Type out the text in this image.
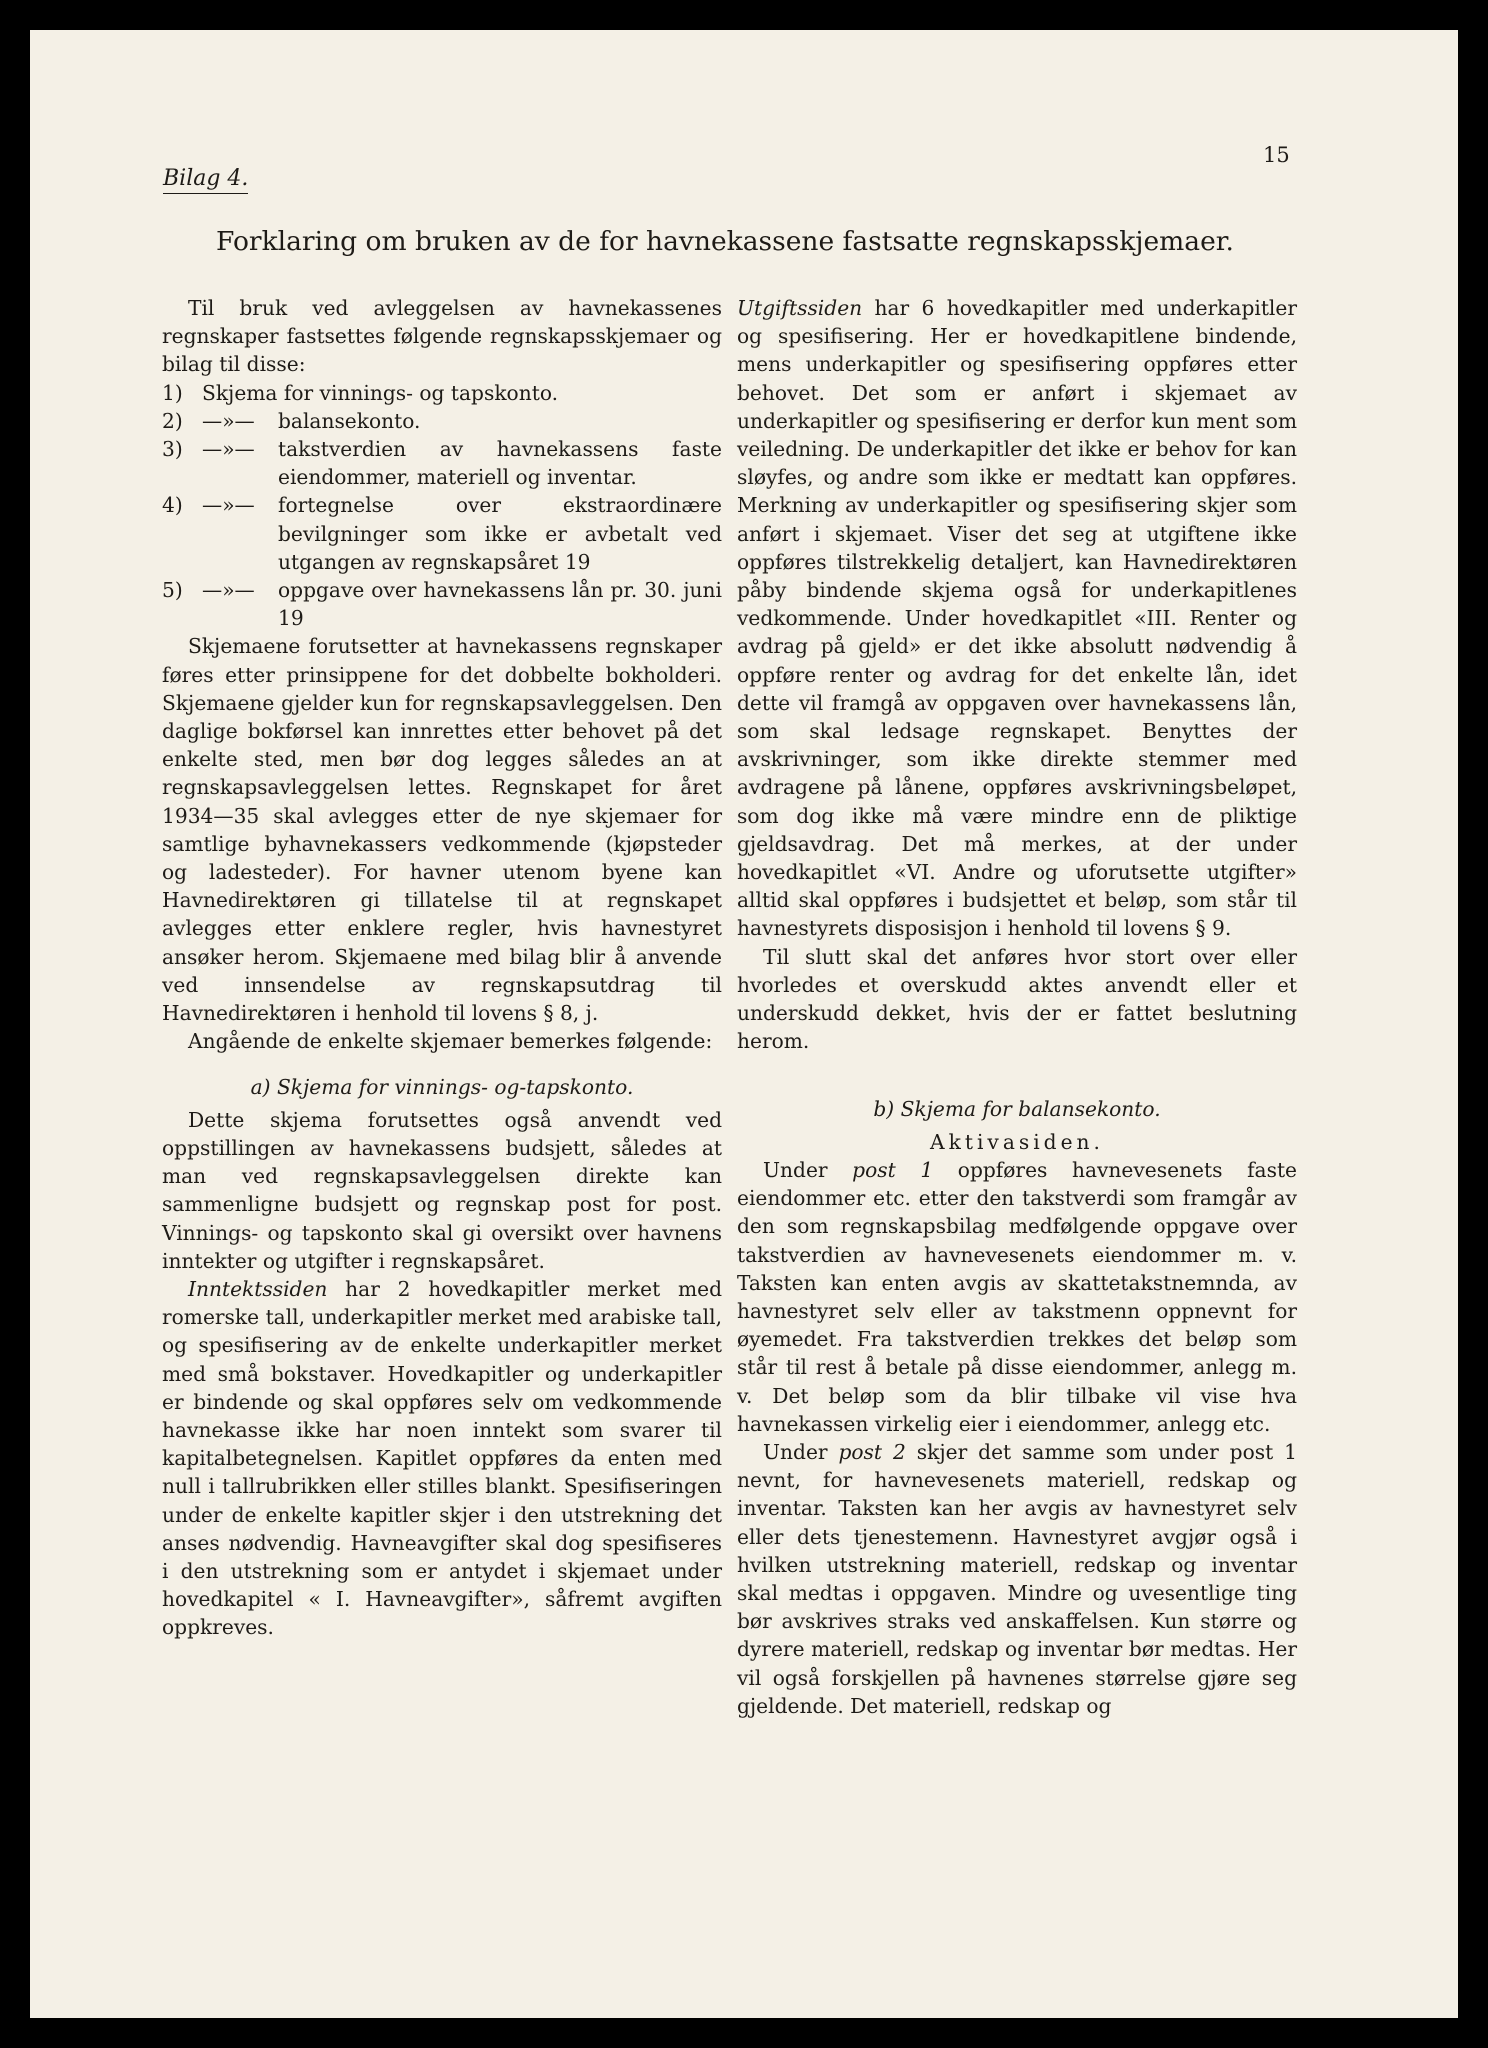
15
Bilag 4.
Forklaring om bruken av de for havnekassene fastsatte regnskapsskjemaer.

Til bruk ved avleggelsen av havnekassenes regnskaper fastsettes følgende regnskapsskjemaer og bilag til disse:

1) Skjema for vinnings- og tapskonto.
2) —»—	balansekonto.
3) —»—	takstverdien av havnekassens faste eiendommer, materiell og inventar.
4) —»—	fortegnelse over ekstraordinære bevilgninger som ikke er avbetalt ved utgangen av regnskapsåret 19
5) —»—	oppgave over havnekassens lån pr. 30. juni 19

Skjemaene forutsetter at havnekassens regnskaper føres etter prinsippene for det dobbelte bokholderi. Skjemaene gjelder kun for regnskapsavleggelsen. Den daglige bokførsel kan innrettes etter behovet på det enkelte sted, men bør dog legges således an at regnskapsavleggelsen lettes. Regnskapet for året 1934—35 skal avlegges etter de nye skjemaer for samtlige byhavnekassers vedkommende (kjøpsteder og ladesteder). For havner utenom byene kan Havnedirektøren gi tillatelse til at regnskapet avlegges etter enklere regler, hvis havnestyret ansøker herom. Skjemaene med bilag blir å anvende ved innsendelse av regnskapsutdrag til Havnedirektøren i henhold til lovens § 8, j.

Angående de enkelte skjemaer bemerkes følgende:

a) Skjema for vinnings- og-tapskonto.

Dette skjema forutsettes også anvendt ved oppstillingen av havnekassens budsjett, således at man ved regnskapsavleggelsen direkte kan sammenligne budsjett og regnskap post for post. Vinnings- og tapskonto skal gi oversikt over havnens inntekter og utgifter i regnskapsåret.

Inntektssiden har 2 hovedkapitler merket med romerske tall, underkapitler merket med arabiske tall, og spesifisering av de enkelte underkapitler merket med små bokstaver. Hovedkapitler og underkapitler er bindende og skal oppføres selv om vedkommende havnekasse ikke har noen inntekt som svarer til kapitalbetegnelsen. Kapitlet oppføres da enten med null i tallrubrikken eller stilles blankt. Spesifiseringen under de enkelte kapitler skjer i den utstrekning det anses nødvendig. Havneavgifter skal dog spesifiseres i den utstrekning som er antydet i skjemaet under hovedkapitel « I. Havneavgifter», såfremt avgiften oppkreves.

Utgiftssiden har 6 hovedkapitler med underkapitler og spesifisering. Her er hovedkapitlene bindende, mens underkapitler og spesifisering oppføres etter behovet. Det som er anført i skjemaet av underkapitler og spesifisering er derfor kun ment som veiledning. De underkapitler det ikke er behov for kan sløyfes, og andre som ikke er medtatt kan oppføres. Merkning av underkapitler og spesifisering skjer som anført i skjemaet. Viser det seg at utgiftene ikke oppføres tilstrekkelig detaljert, kan Havnedirektøren påby bindende skjema også for underkapitlenes vedkommende. Under hovedkapitlet «III. Renter og avdrag på gjeld» er det ikke absolutt nødvendig å oppføre renter og avdrag for det enkelte lån, idet dette vil framgå av oppgaven over havnekassens lån, som skal ledsage regnskapet. Benyttes der avskrivninger, som ikke direkte stemmer med avdragene på lånene, oppføres avskrivningsbeløpet, som dog ikke må være mindre enn de pliktige gjeldsavdrag. Det må merkes, at der under hovedkapitlet «VI. Andre og uforutsette utgifter» alltid skal oppføres i budsjettet et beløp, som står til havnestyrets disposisjon i henhold til lovens § 9.

Til slutt skal det anføres hvor stort over eller hvorledes et overskudd aktes anvendt eller et underskudd dekket, hvis der er fattet beslutning herom.

b) Skjema for balansekonto.
Aktivasiden.

Under post 1 oppføres havnevesenets faste eiendommer etc. etter den takstverdi som framgår av den som regnskapsbilag medfølgende oppgave over takstverdien av havnevesenets eiendommer m. v. Taksten kan enten avgis av skattetakstnemnda, av havnestyret selv eller av takstmenn oppnevnt for øyemedet. Fra takstverdien trekkes det beløp som står til rest å betale på disse eiendommer, anlegg m. v. Det beløp som da blir tilbake vil vise hva havnekassen virkelig eier i eiendommer, anlegg etc.

Under post 2 skjer det samme som under post 1 nevnt, for havnevesenets materiell, redskap og inventar. Taksten kan her avgis av havnestyret selv eller dets tjenestemenn. Havnestyret avgjør også i hvilken utstrekning materiell, redskap og inventar skal medtas i oppgaven. Mindre og uvesentlige ting bør avskrives straks ved anskaffelsen. Kun større og dyrere materiell, redskap og inventar bør medtas. Her vil også forskjellen på havnenes størrelse gjøre seg gjeldende. Det materiell, redskap og
